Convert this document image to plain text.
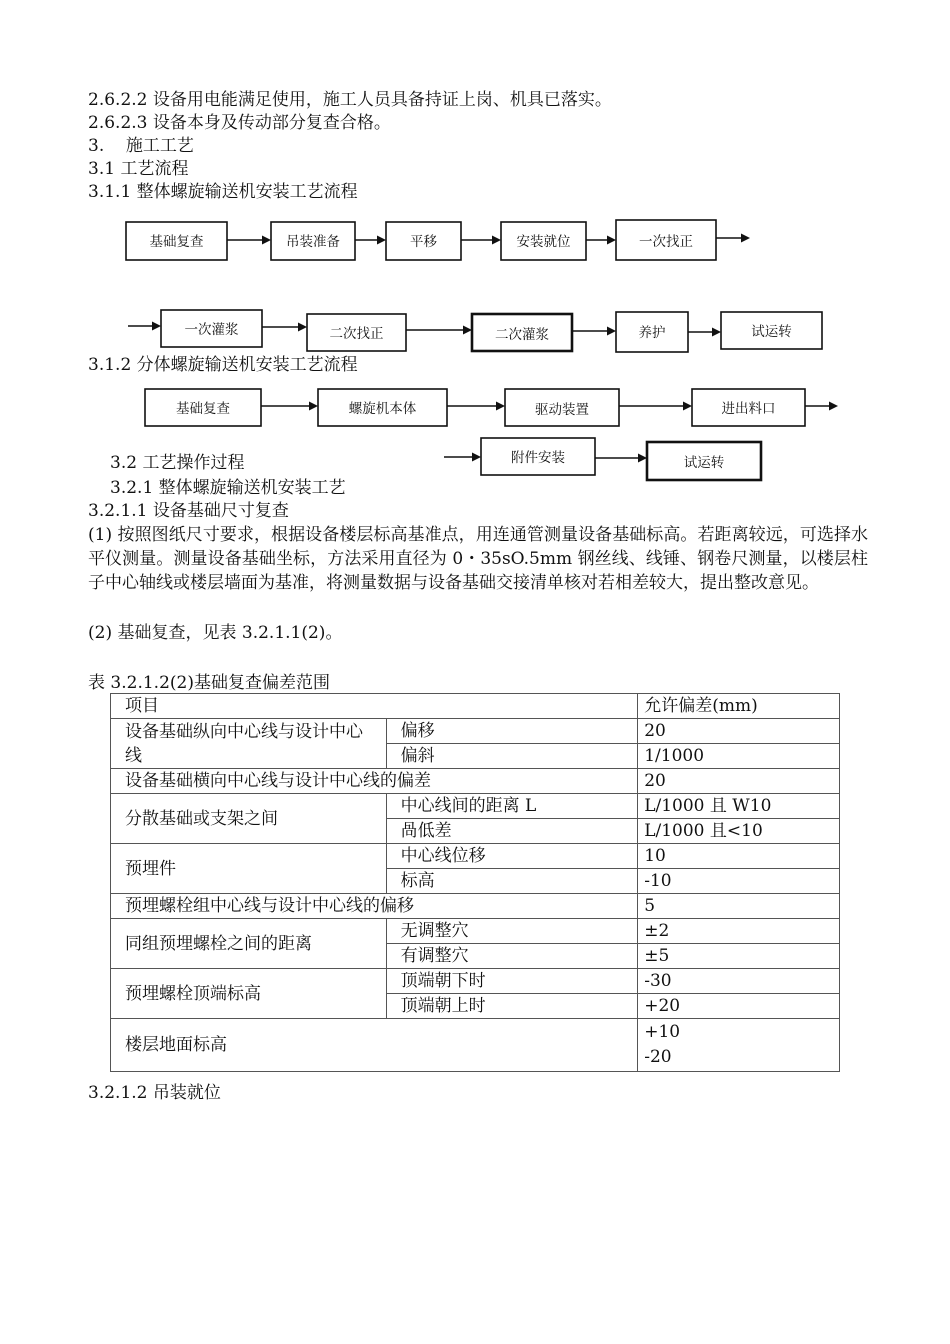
2.6.2.2 设备用电能满足使用，施工人员具备持证上岗、机具已落实。
2.6.2.3 设备本身及传动部分复查合格。
3.    施工工艺
3.1 工艺流程
3.1.1 整体螺旋输送机安装工艺流程
基础复查	吊装准备	平移	安装就位	一次找正
一次灌浆	二次找正	二次灌浆	养护	试运转
3.1.2 分体螺旋输送机安装工艺流程
基础复查	螺旋机本体	驱动装置	进出料口
附件安装	试运转
3.2 工艺操作过程
3.2.1 整体螺旋输送机安装工艺
3.2.1.1 设备基础尺寸复查
(1) 按照图纸尺寸要求，根据设备楼层标高基准点，用连通管测量设备基础标高。若距离较远，可选择水平仪测量。测量设备基础坐标，方法采用直径为 0・35sO.5mm 钢丝线、线锤、钢卷尺测量，以楼层柱子中心轴线或楼层墙面为基准，将测量数据与设备基础交接清单核对若相差较大，提出整改意见。
(2) 基础复查，见表 3.2.1.1(2)。
表 3.2.1.2(2)基础复查偏差范围
项目		允许偏差(mm)
设备基础纵向中心线与设计中心线	偏移	20
	偏斜	1/1000
设备基础横向中心线与设计中心线的偏差		20
分散基础或支架之间	中心线间的距离 L	L/1000 且 W10
	咼低差	L/1000 且<10
预埋件	中心线位移	10
	标高	-10
预埋螺栓组中心线与设计中心线的偏移		5
同组预埋螺栓之间的距离	无调整穴	±2
	有调整穴	±5
预埋螺栓顶端标高	顶端朝下时	-30
	顶端朝上时	+20
楼层地面标高		+10
-20
3.2.1.2 吊装就位
